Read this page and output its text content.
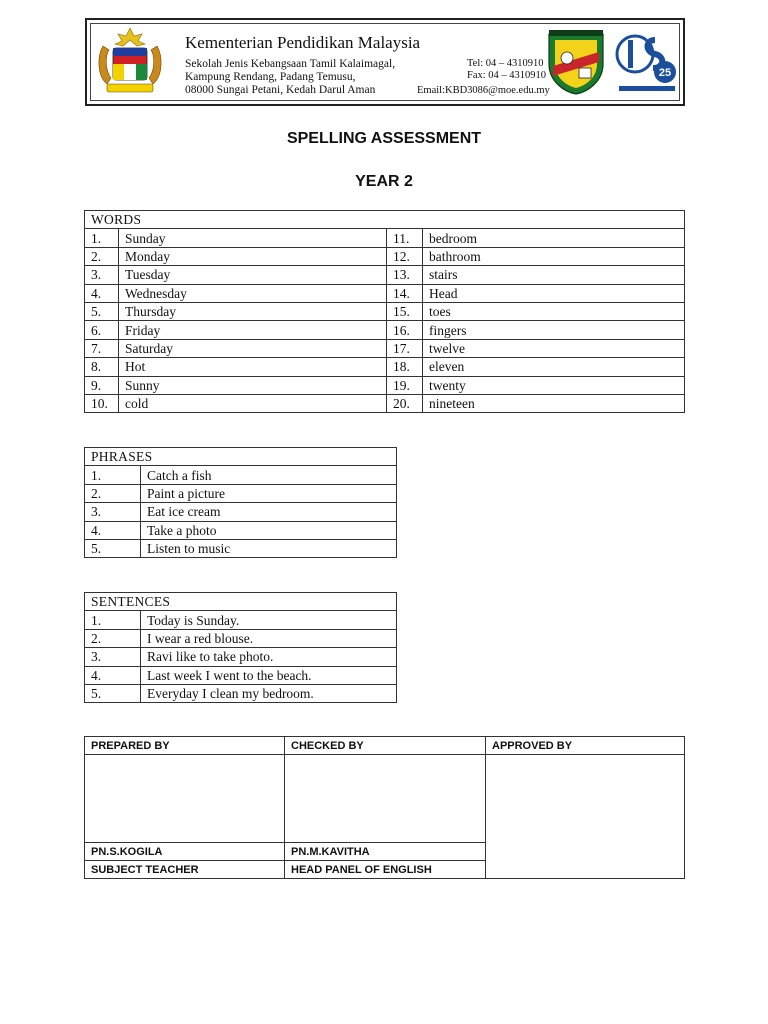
Kementerian Pendidikan Malaysia
Sekolah Jenis Kebangsaan Tamil Kalaimagal,
Kampung Rendang, Padang Temusu,
08000 Sungai Petani, Kedah Darul Aman
Tel: 04 – 4310910
Fax: 04 – 4310910
Email:KBD3086@moe.edu.my
25
SPELLING ASSESSMENT
YEAR 2
WORDS			
1.	Sunday	11.	bedroom
2.	Monday	12.	bathroom
3.	Tuesday	13.	stairs
4.	Wednesday	14.	Head
5.	Thursday	15.	toes
6.	Friday	16.	fingers
7.	Saturday	17.	twelve
8.	Hot	18.	eleven
9.	Sunny	19.	twenty
10.	cold	20.	nineteen
PHRASES	
1.	Catch a fish
2.	Paint a picture
3.	Eat ice cream
4.	Take a photo
5.	Listen to music
SENTENCES	
1.	Today is Sunday.
2.	I wear a red blouse.
3.	Ravi like to take photo.
4.	Last week I went to the beach.
5.	Everyday I clean my bedroom.
PREPARED BY	CHECKED BY	APPROVED BY

PN.S.KOGILA	PN.M.KAVITHA	
SUBJECT TEACHER	HEAD PANEL OF ENGLISH	
